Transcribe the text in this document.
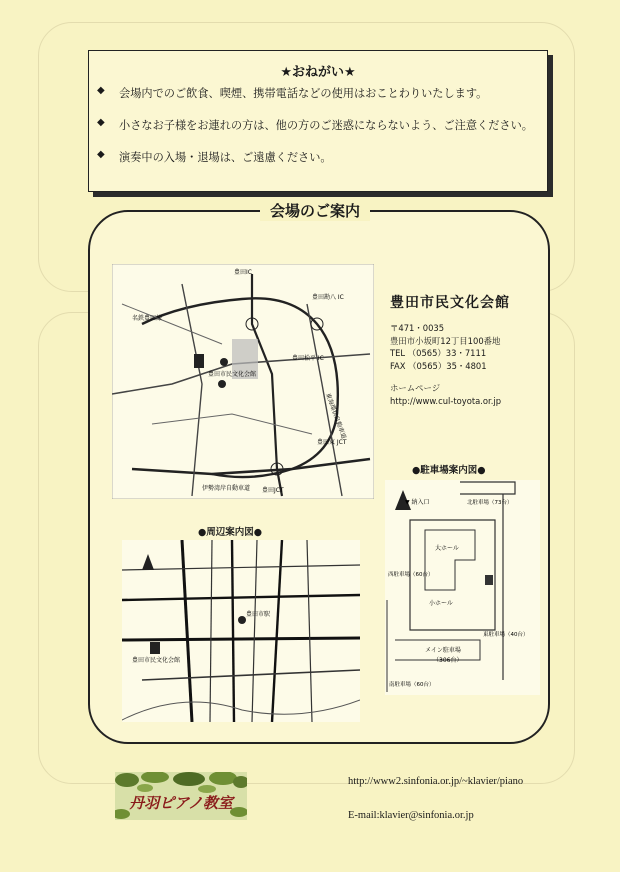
★おねがい★
◆	会場内でのご飲食、喫煙、携帯電話などの使用はおことわりいたします。
◆	小さなお子様をお連れの方は、他の方のご迷惑にならないよう、ご注意ください。
◆	演奏中の入場・退場は、ご遠慮ください。
会場のご案内
豊田IC
豊田JCT
豊田東 JCT
豊田勘八 IC
豊田松平 IC
名鉄豊田線
豊田市民文化会館
東海環状自動車道
伊勢湾岸自動車道
豊田市民文化会館
〒471・0035
豊田市小坂町12丁目100番地
TEL （0565）33・7111
FAX （0565）35・4801
ホームページ
http://www.cul-toyota.or.jp
●駐車場案内図●
▼ 納入口	北駐車場（73台）
大ホール
小ホール
西駐車場（60台）
メイン駐車場
（306台）
南駐車場（60台）
東駐車場（40台）
●周辺案内図●
豊田市民文化会館
豊田市駅
丹羽ピアノ教室
http://www2.sinfonia.or.jp/~klavier/piano
E-mail:klavier@sinfonia.or.jp
